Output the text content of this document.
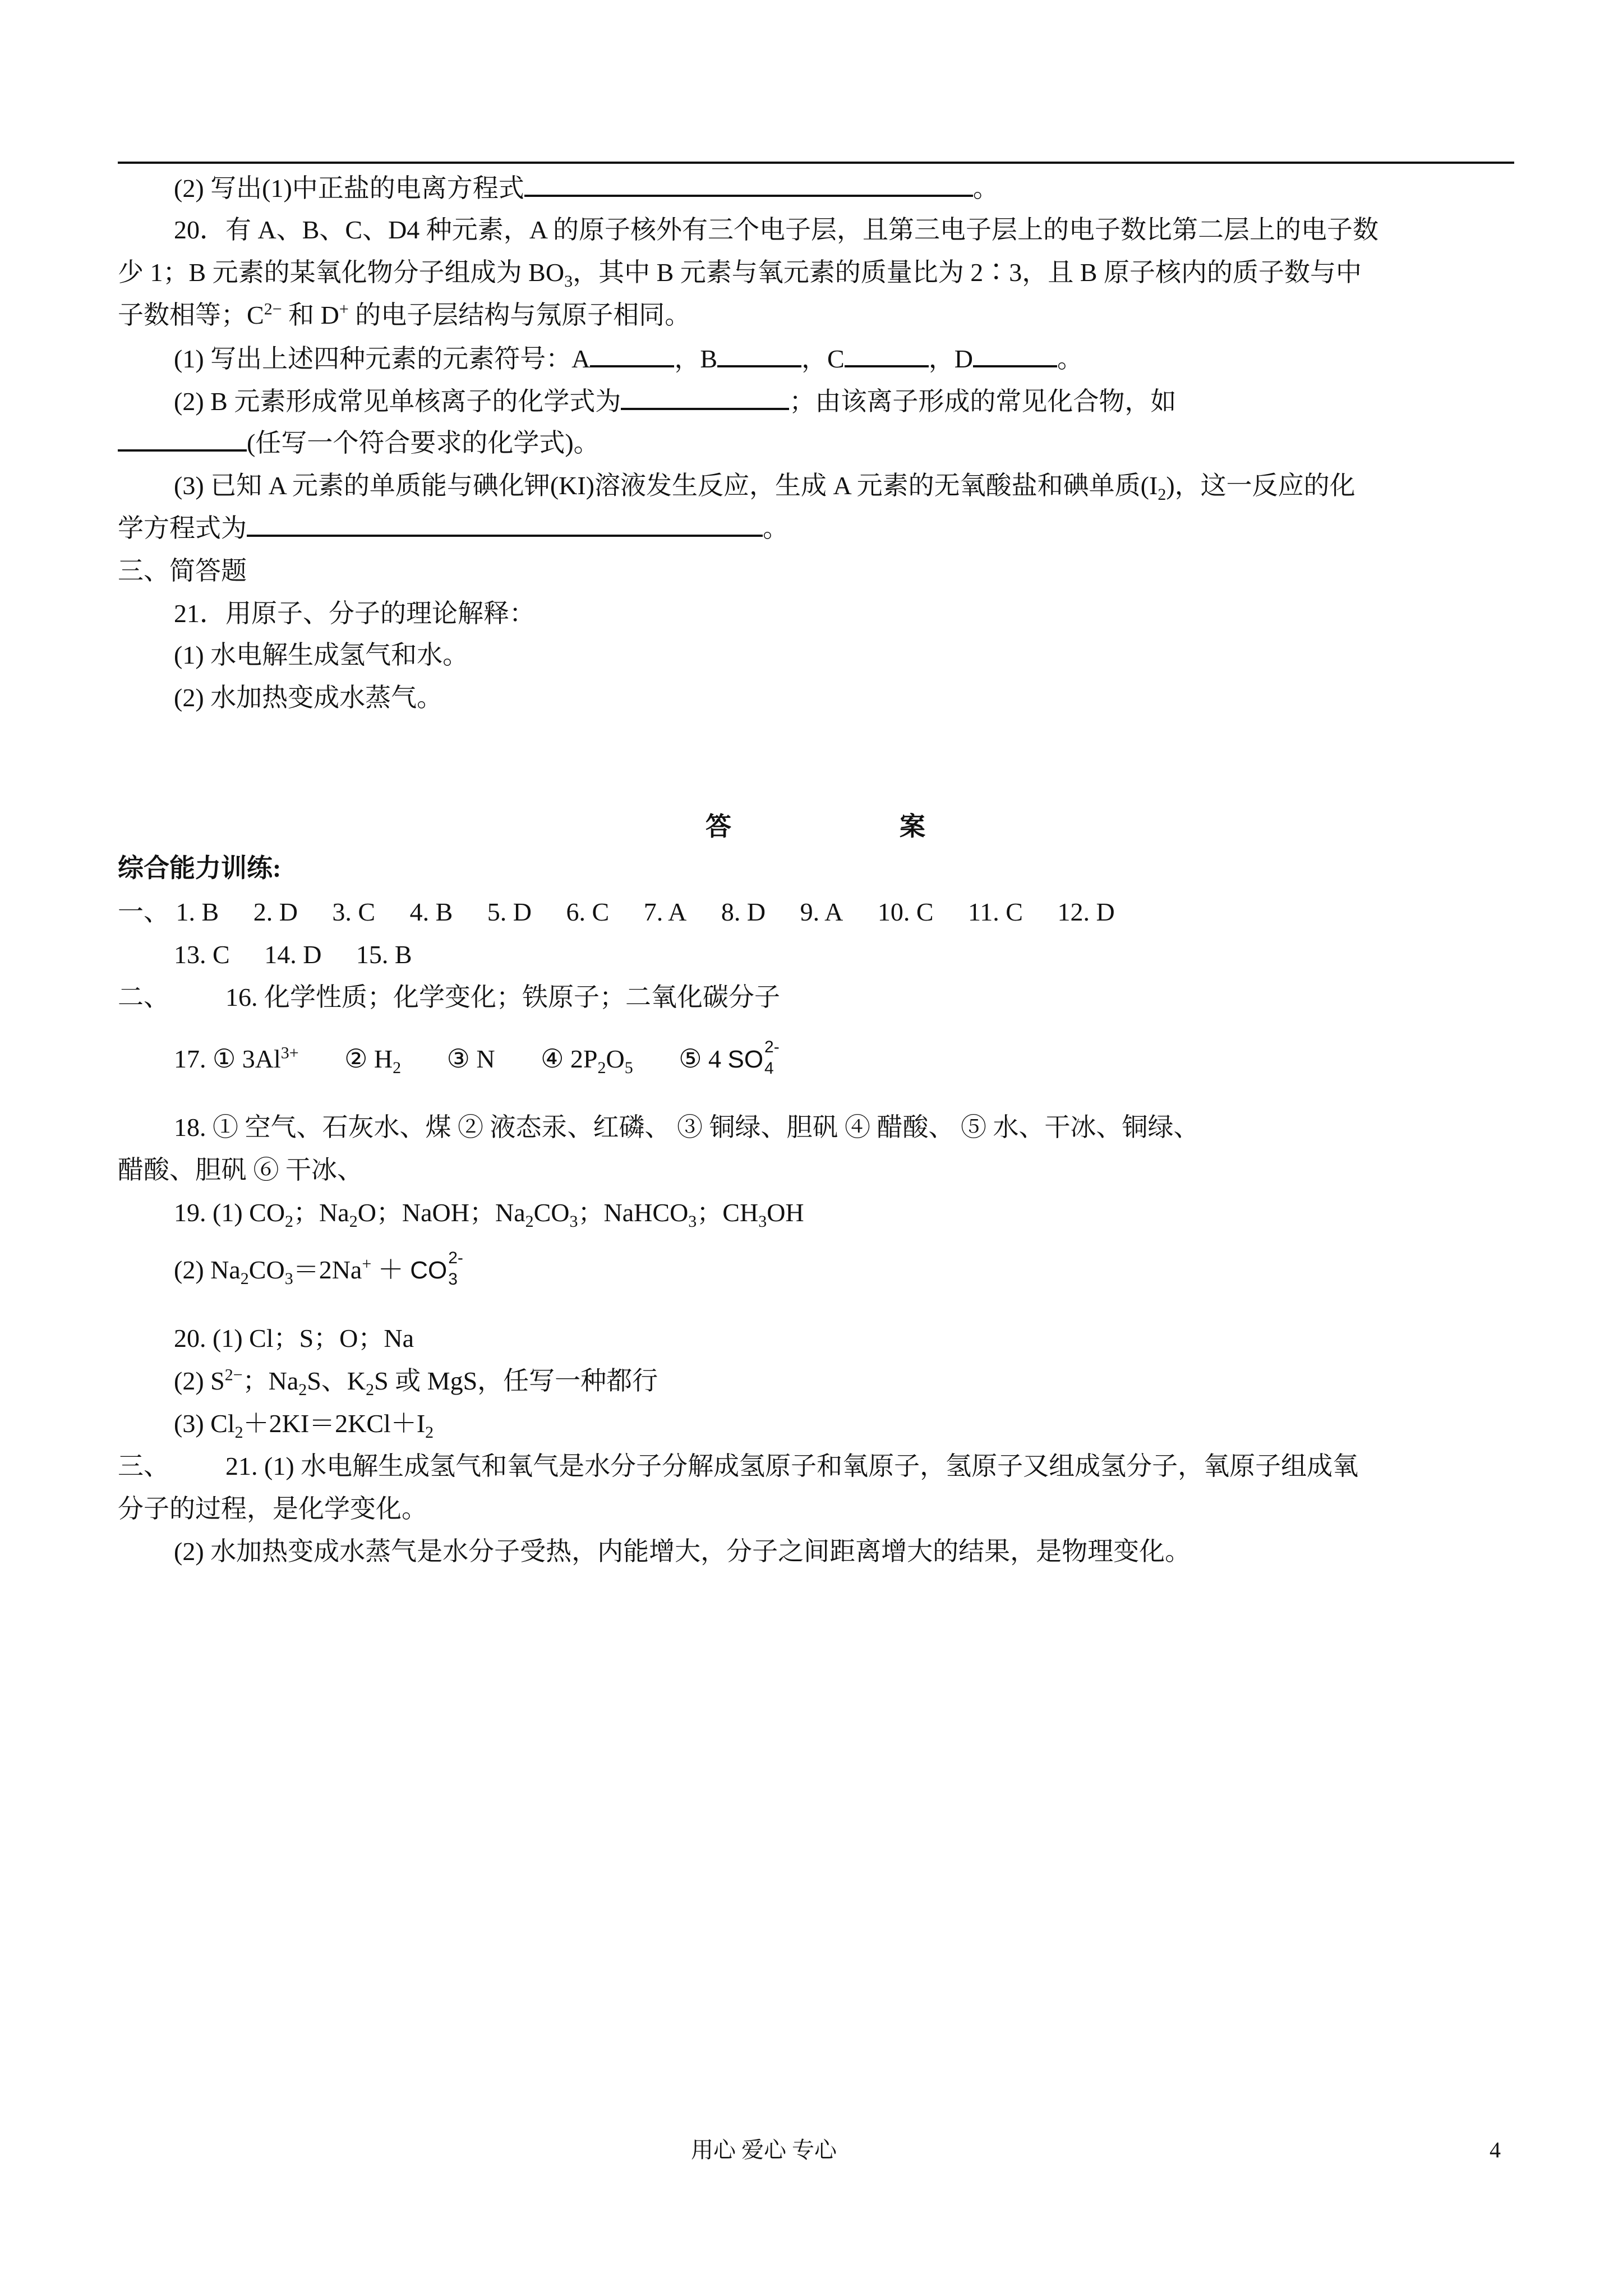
(2) 写出(1)中正盐的电离方程式	。
20．有 A、B、C、D4 种元素，A 的原子核外有三个电子层，且第三电子层上的电子数比第二层上的电子数
少 1；B 元素的某氧化物分子组成为 $BO_3$，其中 B 元素与氧元素的质量比为 2∶3，且 B 原子核内的质子数与中
子数相等；$C^{2-}$ 和 D+ 的电子层结构与氖原子相同。
(1) 写出上述四种元素的元素符号：A	，B	，C	，D	。
(2) B 元素形成常见单核离子的化学式为	；由该离子形成的常见化合物，如
(任写一个符合要求的化学式)。
(3) 已知 A 元素的单质能与碘化钾(KI)溶液发生反应，生成 A 元素的无氧酸盐和碘单质$(I_2)$，这一反应的化
学方程式为	。
三、简答题
21．用原子、分子的理论解释：
(1) 水电解生成氢气和水。
(2) 水加热变成水蒸气。
答	案
综合能力训练:
一、 1. B 2. D 3. C 4. B 5. D 6. C 7. A 8. D 9. A 10. C 11. C 12. D
13. C 14. D 15. B
二、 16. 化学性质；化学变化；铁原子；二氧化碳分子
17. ① $3Al^{3+}$ ② $H_2$ ③ N ④ $2P_2O_5$ ⑤ 4 SO 2-
4
18. ① 空气、石灰水、煤 ② 液态汞、红磷、 ③ 铜绿、胆矾 ④ 醋酸、 ⑤ 水、干冰、铜绿、
醋酸、胆矾 ⑥ 干冰、
19. (1) $CO_2$；$Na_2O$；NaOH；$Na_2CO_3$；NaHCO$_3$；$CH_3OH$
(2) $Na_2CO_3=2Na^+$ ＋ CO 2-
3
20. (1) Cl；S；O；Na
(2) $S^{2-}$；$Na_2S$、$K_2S$ 或 MgS，任写一种都行
(3) $Cl_2+2KI=2KCl+I_2$
三、 21. (1) 水电解生成氢气和氧气是水分子分解成氢原子和氧原子，氢原子又组成氢分子，氧原子组成氧
分子的过程，是化学变化。
(2) 水加热变成水蒸气是水分子受热，内能增大，分子之间距离增大的结果，是物理变化。
用心 爱心 专心	4
